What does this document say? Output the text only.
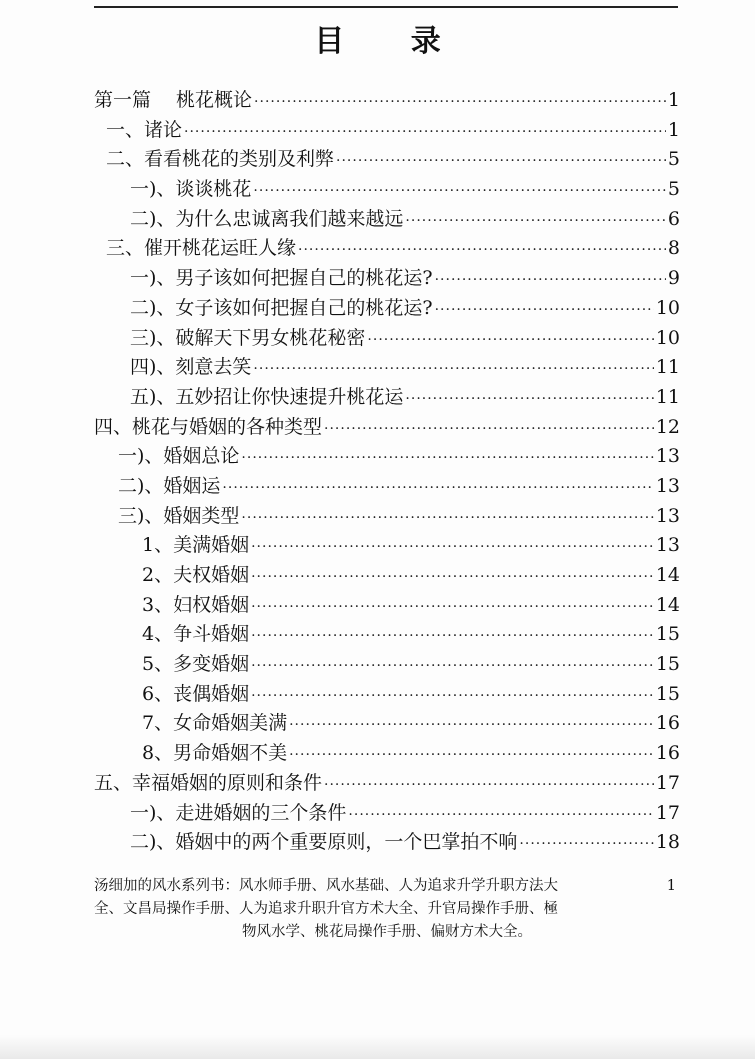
目 录
第一篇　 桃花概论 ·····	1
一、诸论 ·····	1
二、看看桃花的类别及利弊 ·····	5
一)、谈谈桃花 ·····	5
二)、为什么忠诚离我们越来越远 ·····	6
三、催开桃花运旺人缘 ·····	8
一)、男子该如何把握自己的桃花运? ·····	9
二)、女子该如何把握自己的桃花运? ·····	10
三)、破解天下男女桃花秘密 ·····	10
四)、刻意去笑 ·····	11
五)、五妙招让你快速提升桃花运 ·····	11
四、桃花与婚姻的各种类型 ·····	12
一)、婚姻总论 ·····	13
二)、婚姻运 ·····	13
三)、婚姻类型 ·····	13
1、美满婚姻 ·····	13
2、夫权婚姻 ·····	14
3、妇权婚姻 ·····	14
4、争斗婚姻 ·····	15
5、多变婚姻 ·····	15
6、丧偶婚姻 ·····	15
7、女命婚姻美满 ·····	16
8、男命婚姻不美 ·····	16
五、幸福婚姻的原则和条件 ·····	17
一)、走进婚姻的三个条件 ·····	17
二)、婚姻中的两个重要原则，一个巴掌拍不响 ·····	18
汤细加的风水系列书：风水师手册、风水基础、人为追求升学升职方法大	1
全、文昌局操作手册、人为追求升职升官方术大全、升官局操作手册、極
物风水学、桃花局操作手册、偏财方术大全。
